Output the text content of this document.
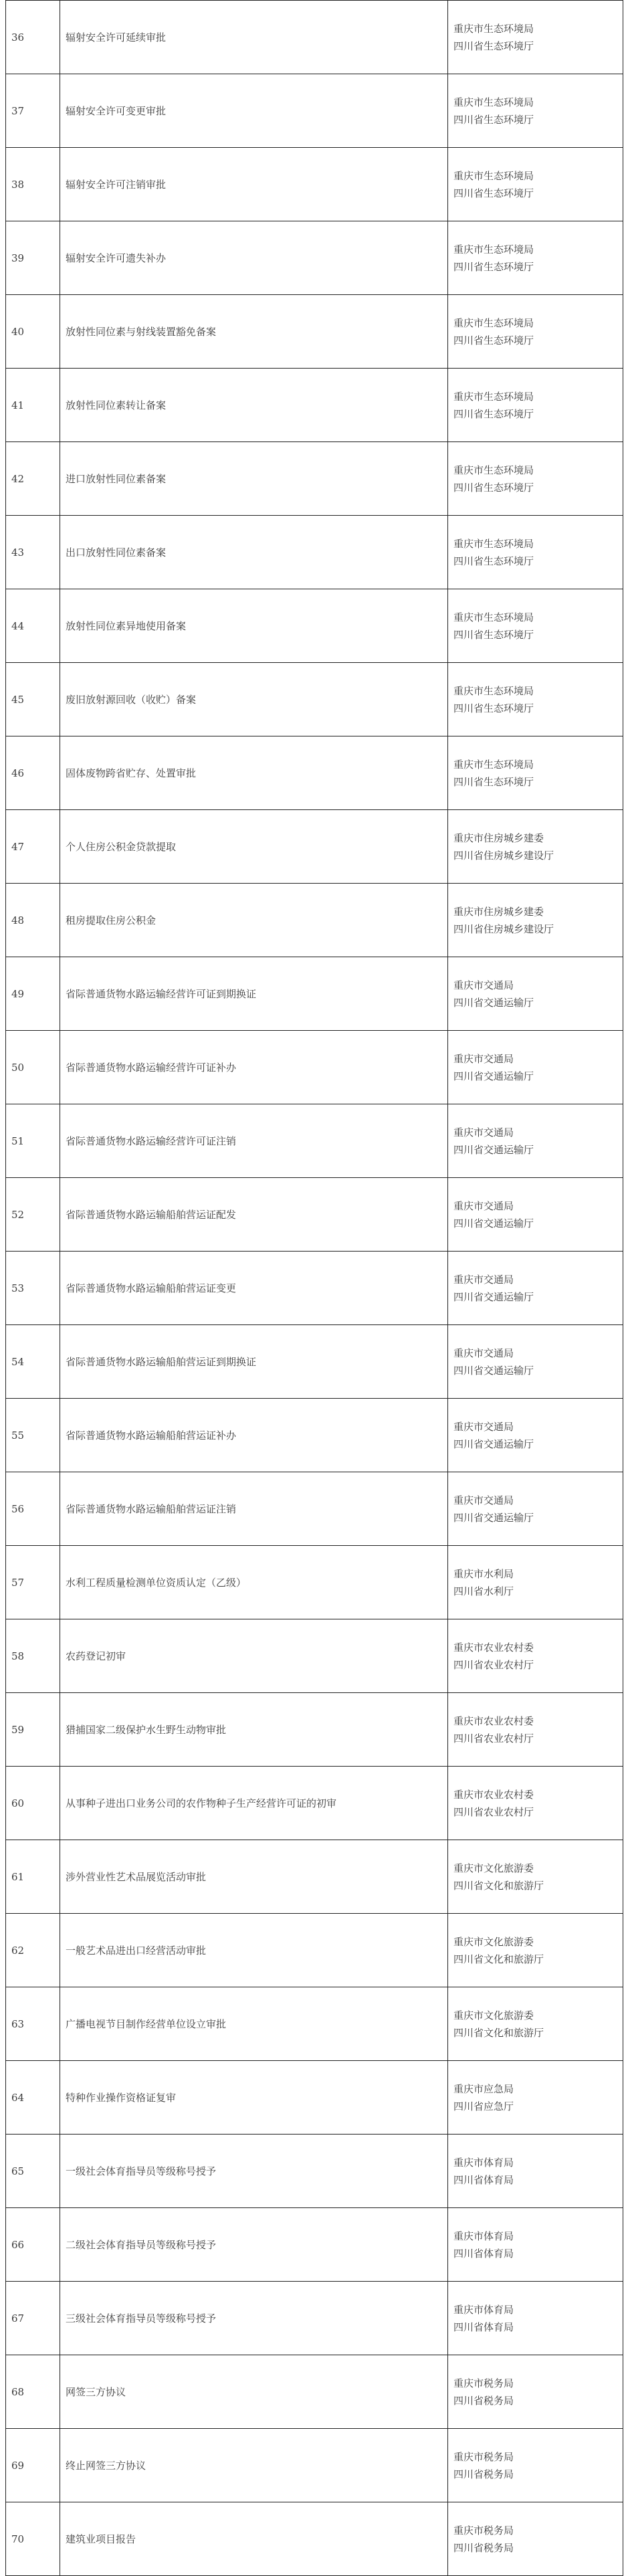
36	辐射安全许可延续审批	重庆市生态环境局
四川省生态环境厅

37	辐射安全许可变更审批	重庆市生态环境局
四川省生态环境厅

38	辐射安全许可注销审批	重庆市生态环境局
四川省生态环境厅

39	辐射安全许可遗失补办	重庆市生态环境局
四川省生态环境厅

40	放射性同位素与射线装置豁免备案	重庆市生态环境局
四川省生态环境厅

41	放射性同位素转让备案	重庆市生态环境局
四川省生态环境厅

42	进口放射性同位素备案	重庆市生态环境局
四川省生态环境厅

43	出口放射性同位素备案	重庆市生态环境局
四川省生态环境厅

44	放射性同位素异地使用备案	重庆市生态环境局
四川省生态环境厅

45	废旧放射源回收（收贮）备案	重庆市生态环境局
四川省生态环境厅

46	固体废物跨省贮存、处置审批	重庆市生态环境局
四川省生态环境厅

47	个人住房公积金贷款提取	重庆市住房城乡建委
四川省住房城乡建设厅

48	租房提取住房公积金	重庆市住房城乡建委
四川省住房城乡建设厅

49	省际普通货物水路运输经营许可证到期换证	重庆市交通局
四川省交通运输厅

50	省际普通货物水路运输经营许可证补办	重庆市交通局
四川省交通运输厅

51	省际普通货物水路运输经营许可证注销	重庆市交通局
四川省交通运输厅

52	省际普通货物水路运输船舶营运证配发	重庆市交通局
四川省交通运输厅

53	省际普通货物水路运输船舶营运证变更	重庆市交通局
四川省交通运输厅

54	省际普通货物水路运输船舶营运证到期换证	重庆市交通局
四川省交通运输厅

55	省际普通货物水路运输船舶营运证补办	重庆市交通局
四川省交通运输厅

56	省际普通货物水路运输船舶营运证注销	重庆市交通局
四川省交通运输厅

57	水利工程质量检测单位资质认定（乙级）	重庆市水利局
四川省水利厅

58	农药登记初审	重庆市农业农村委
四川省农业农村厅

59	猎捕国家二级保护水生野生动物审批	重庆市农业农村委
四川省农业农村厅

60	从事种子进出口业务公司的农作物种子生产经营许可证的初审	重庆市农业农村委
四川省农业农村厅

61	涉外营业性艺术品展览活动审批	重庆市文化旅游委
四川省文化和旅游厅

62	一般艺术品进出口经营活动审批	重庆市文化旅游委
四川省文化和旅游厅

63	广播电视节目制作经营单位设立审批	重庆市文化旅游委
四川省文化和旅游厅

64	特种作业操作资格证复审	重庆市应急局
四川省应急厅

65	一级社会体育指导员等级称号授予	重庆市体育局
四川省体育局

66	二级社会体育指导员等级称号授予	重庆市体育局
四川省体育局

67	三级社会体育指导员等级称号授予	重庆市体育局
四川省体育局

68	网签三方协议	重庆市税务局
四川省税务局

69	终止网签三方协议	重庆市税务局
四川省税务局

70	建筑业项目报告	重庆市税务局
四川省税务局
